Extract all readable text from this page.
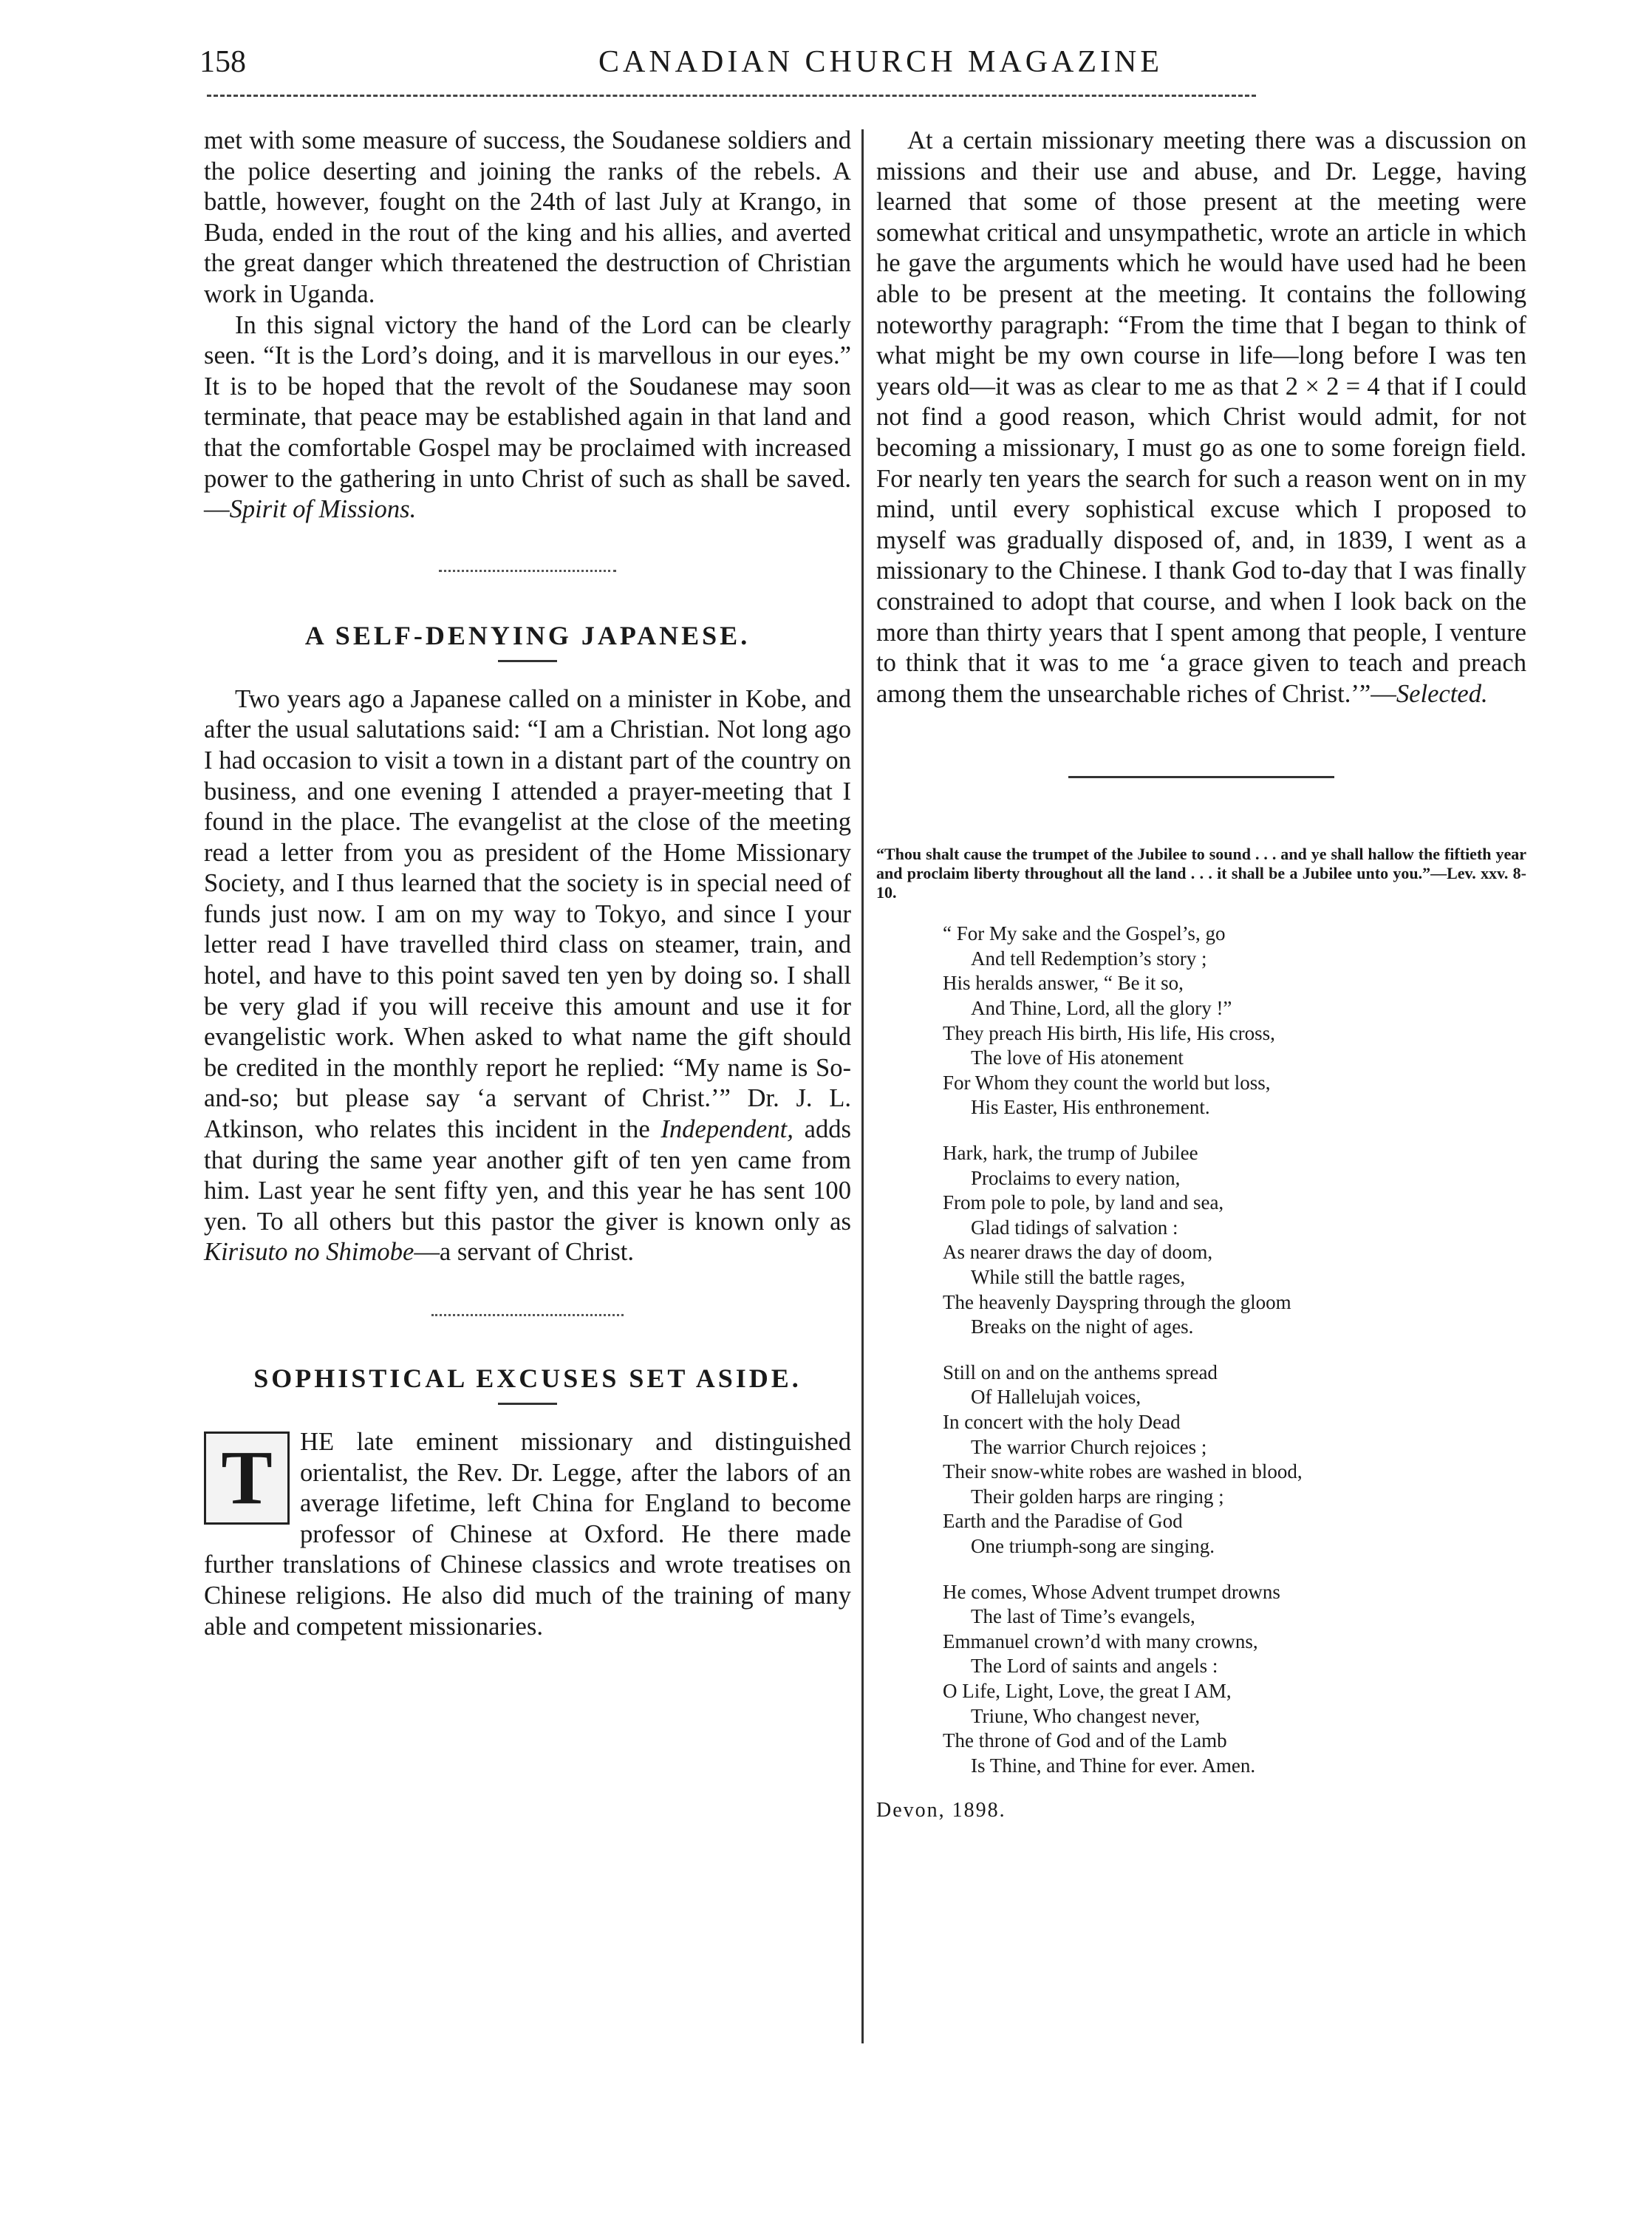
158	CANADIAN CHURCH MAGAZINE

met with some measure of success, the Soudanese soldiers and the police deserting and joining the ranks of the rebels. A battle, however, fought on the 24th of last July at Krango, in Buda, ended in the rout of the king and his allies, and averted the great danger which threatened the destruction of Christian work in Uganda.

In this signal victory the hand of the Lord can be clearly seen. “It is the Lord’s doing, and it is marvellous in our eyes.” It is to be hoped that the revolt of the Soudanese may soon terminate, that peace may be established again in that land and that the comfortable Gospel may be proclaimed with increased power to the gathering in unto Christ of such as shall be saved.—Spirit of Missions.

A SELF-DENYING JAPANESE.

Two years ago a Japanese called on a minister in Kobe, and after the usual salutations said: “I am a Christian. Not long ago I had occasion to visit a town in a distant part of the country on business, and one evening I attended a prayer-meeting that I found in the place. The evangelist at the close of the meeting read a letter from you as president of the Home Missionary Society, and I thus learned that the society is in special need of funds just now. I am on my way to Tokyo, and since I your letter read I have travelled third class on steamer, train, and hotel, and have to this point saved ten yen by doing so. I shall be very glad if you will receive this amount and use it for evangelistic work. When asked to what name the gift should be credited in the monthly report he replied: “My name is So-and-so; but please say ‘a servant of Christ.’” Dr. J. L. Atkinson, who relates this incident in the Independent, adds that during the same year another gift of ten yen came from him. Last year he sent fifty yen, and this year he has sent 100 yen. To all others but this pastor the giver is known only as Kirisuto no Shimobe—a servant of Christ.

SOPHISTICAL EXCUSES SET ASIDE.
T	HE late eminent missionary and distinguished orientalist, the Rev. Dr. Legge, after the labors of an average lifetime, left China for England to become professor of Chinese at Oxford. He there made further translations of Chinese classics and wrote treatises on Chinese religions. He also did much of the training of many able and competent missionaries.

At a certain missionary meeting there was a discussion on missions and their use and abuse, and Dr. Legge, having learned that some of those present at the meeting were somewhat critical and unsympathetic, wrote an article in which he gave the arguments which he would have used had he been able to be present at the meeting. It contains the following noteworthy paragraph: “From the time that I began to think of what might be my own course in life—long before I was ten years old—it was as clear to me as that 2 × 2 = 4 that if I could not find a good reason, which Christ would admit, for not becoming a missionary, I must go as one to some foreign field. For nearly ten years the search for such a reason went on in my mind, until every sophistical excuse which I proposed to myself was gradually disposed of, and, in 1839, I went as a missionary to the Chinese. I thank God to-day that I was finally constrained to adopt that course, and when I look back on the more than thirty years that I spent among that people, I venture to think that it was to me ‘a grace given to teach and preach among them the unsearchable riches of Christ.’”—Selected.

“Thou shalt cause the trumpet of the Jubilee to sound . . . and ye shall hallow the fiftieth year and proclaim liberty throughout all the land . . . it shall be a Jubilee unto you.”—Lev. xxv. 8-10.

“ For My sake and the Gospel’s, go
And tell Redemption’s story ;
His heralds answer, “ Be it so,
And Thine, Lord, all the glory !”
They preach His birth, His life, His cross,
The love of His atonement
For Whom they count the world but loss,
His Easter, His enthronement.
Hark, hark, the trump of Jubilee
Proclaims to every nation,
From pole to pole, by land and sea,
Glad tidings of salvation :
As nearer draws the day of doom,
While still the battle rages,
The heavenly Dayspring through the gloom
Breaks on the night of ages.
Still on and on the anthems spread
Of Hallelujah voices,
In concert with the holy Dead
The warrior Church rejoices ;
Their snow-white robes are washed in blood,
Their golden harps are ringing ;
Earth and the Paradise of God
One triumph-song are singing.
He comes, Whose Advent trumpet drowns
The last of Time’s evangels,
Emmanuel crown’d with many crowns,
The Lord of saints and angels :
O Life, Light, Love, the great I AM,
Triune, Who changest never,
The throne of God and of the Lamb
Is Thine, and Thine for ever. Amen.
Devon, 1898.
